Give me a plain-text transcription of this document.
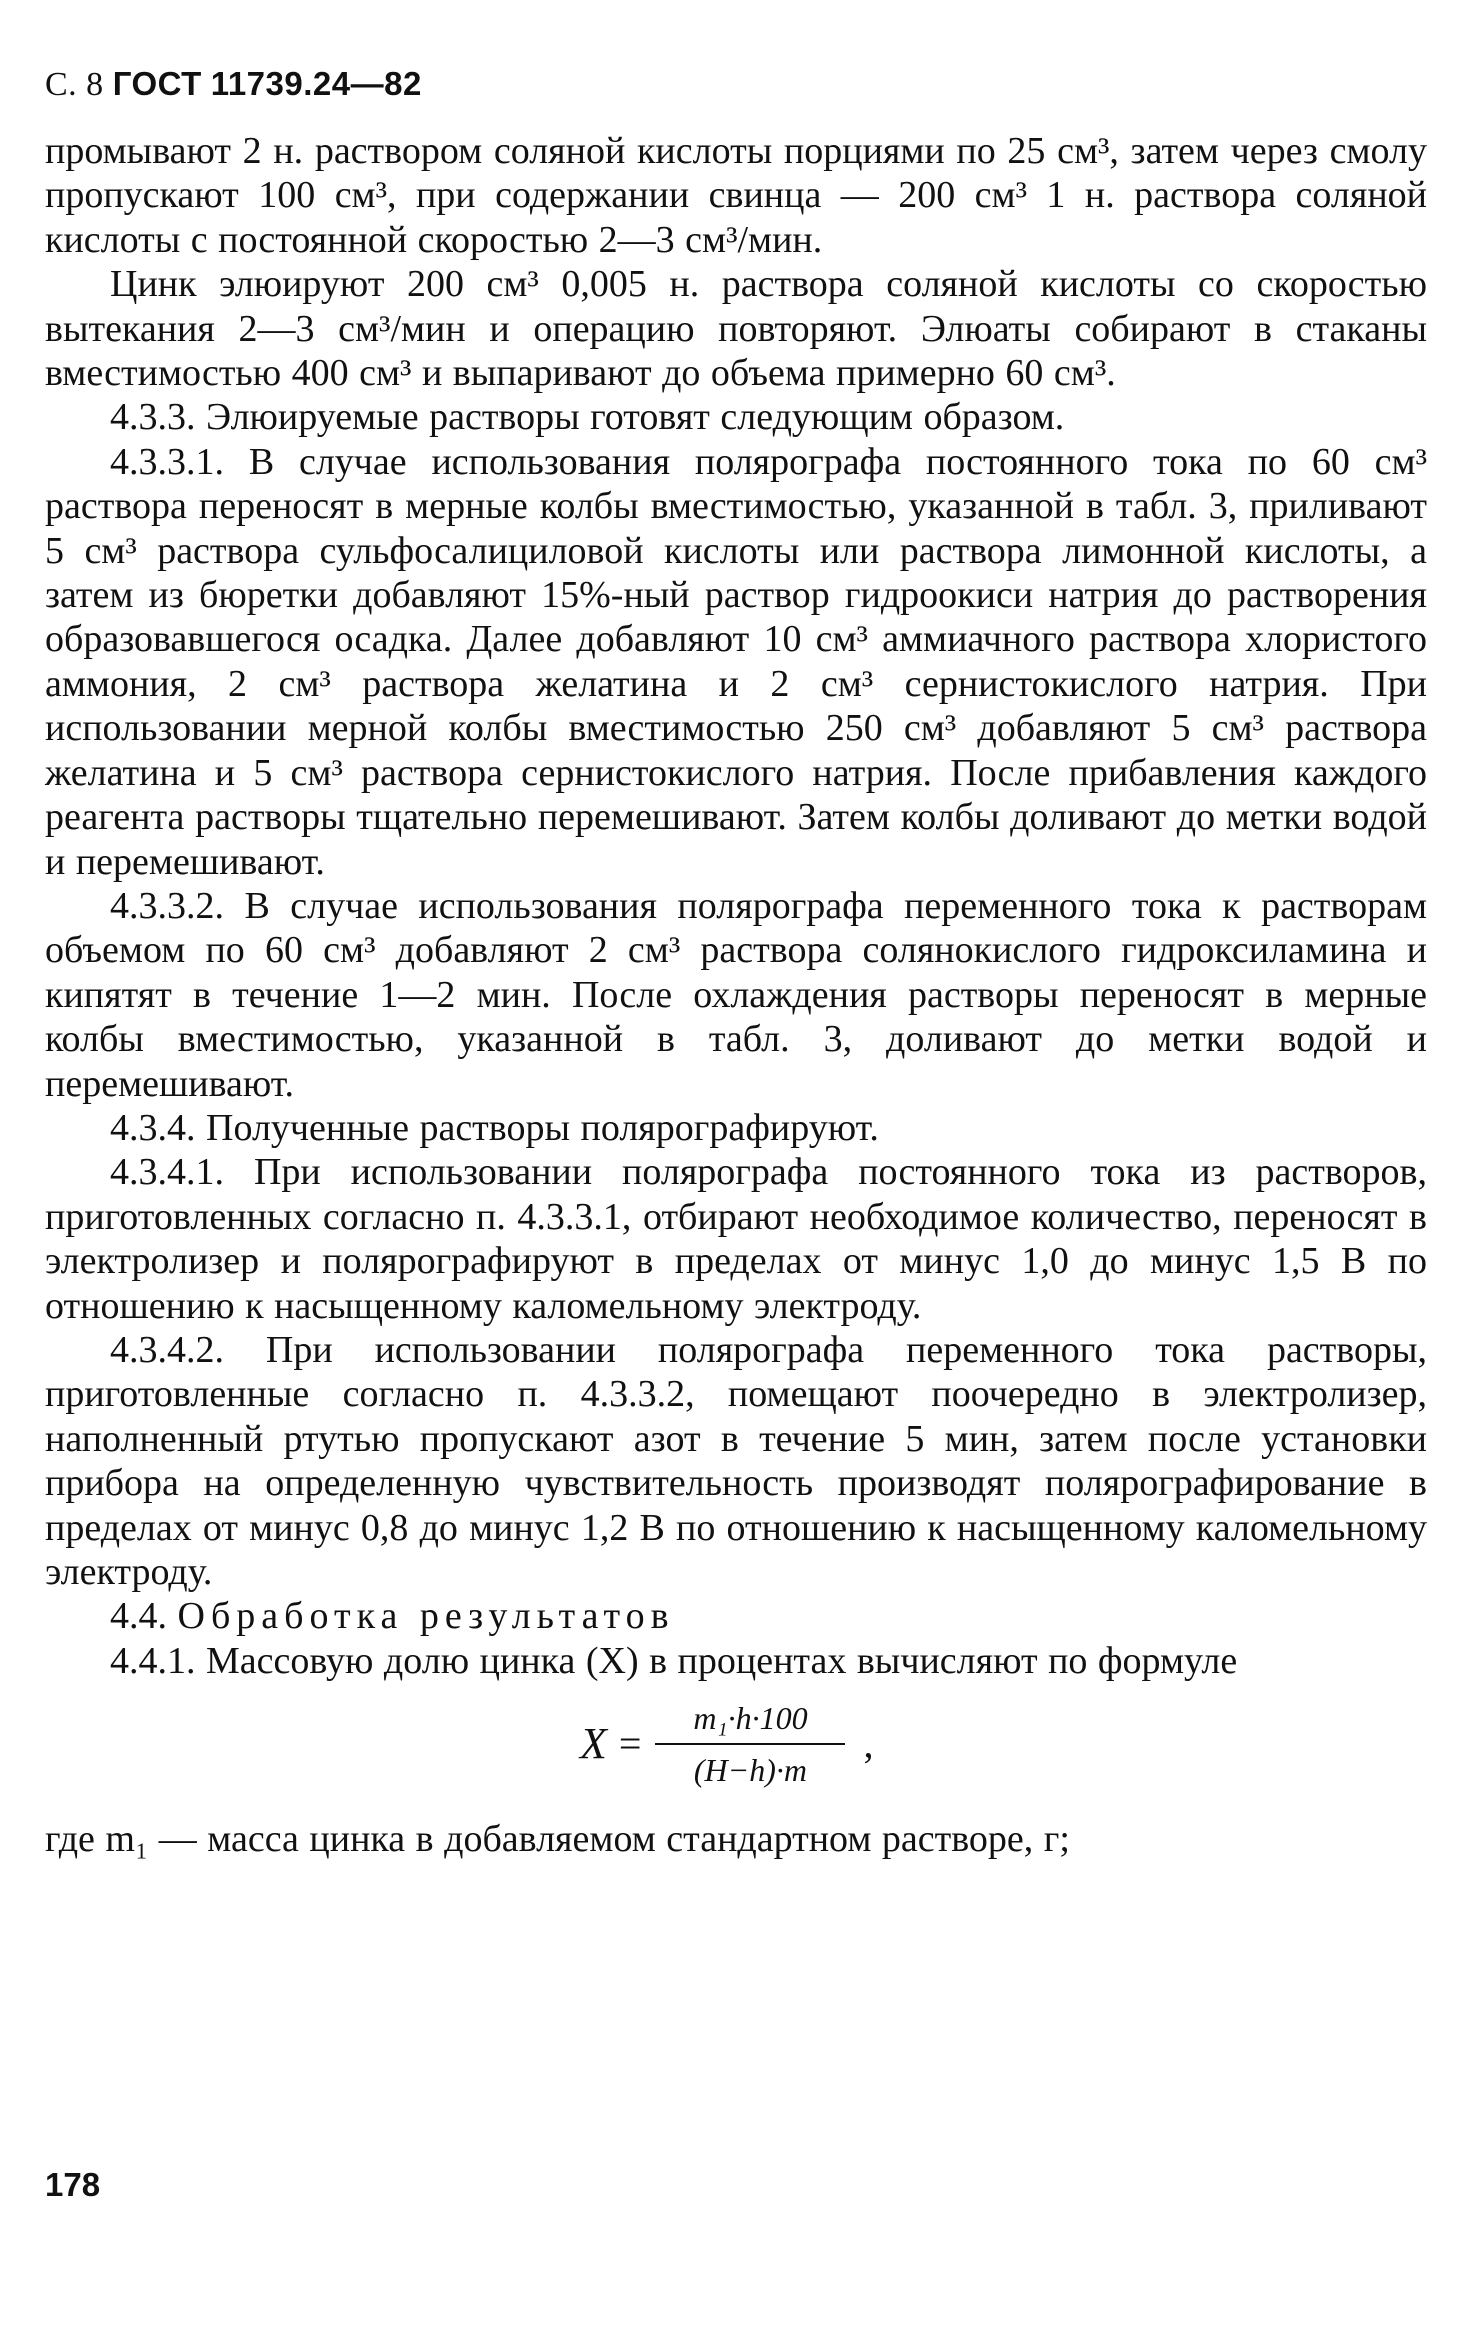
С. 8 ГОСТ 11739.24—82

промывают 2 н. раствором соляной кислоты порциями по 25 см³, затем через смолу пропускают 100 см³, при содержании свинца — 200 см³ 1 н. раствора соляной кислоты с постоянной скоростью 2—3 см³/мин.

Цинк элюируют 200 см³ 0,005 н. раствора соляной кислоты со скоростью вытекания 2—3 см³/мин и операцию повторяют. Элюаты собирают в стаканы вместимостью 400 см³ и выпаривают до объема примерно 60 см³.

4.3.3. Элюируемые растворы готовят следующим образом.

4.3.3.1. В случае использования полярографа постоянного тока по 60 см³ раствора переносят в мерные колбы вместимостью, указанной в табл. 3, приливают 5 см³ раствора сульфосалициловой кислоты или раствора лимонной кислоты, а затем из бюретки добавляют 15%-ный раствор гидроокиси натрия до растворения образовавшегося осадка. Далее добавляют 10 см³ аммиачного раствора хлористого аммония, 2 см³ раствора желатина и 2 см³ сернистокислого натрия. При использовании мерной колбы вместимостью 250 см³ добавляют 5 см³ раствора желатина и 5 см³ раствора сернистокислого натрия. После прибавления каждого реагента растворы тщательно перемешивают. Затем колбы доливают до метки водой и перемешивают.

4.3.3.2. В случае использования полярографа переменного тока к растворам объемом по 60 см³ добавляют 2 см³ раствора солянокислого гидроксиламина и кипятят в течение 1—2 мин. После охлаждения растворы переносят в мерные колбы вместимостью, указанной в табл. 3, доливают до метки водой и перемешивают.

4.3.4. Полученные растворы полярографируют.

4.3.4.1. При использовании полярографа постоянного тока из растворов, приготовленных согласно п. 4.3.3.1, отбирают необходимое количество, переносят в электролизер и полярографируют в пределах от минус 1,0 до минус 1,5 В по отношению к насыщенному каломельному электроду.

4.3.4.2. При использовании полярографа переменного тока растворы, приготовленные согласно п. 4.3.3.2, помещают поочередно в электролизер, наполненный ртутью пропускают азот в течение 5 мин, затем после установки прибора на определенную чувствительность производят полярографирование в пределах от минус 0,8 до минус 1,2 В по отношению к насыщенному каломельному электроду.

4.4. Обработка результатов

4.4.1. Массовую долю цинка (X) в процентах вычисляют по формуле

$X = \frac{\text{m₁·h·100}}{(H-h)\cdot m}$ ,

где m₁ — масса цинка в добавляемом стандартном растворе, г;

178
